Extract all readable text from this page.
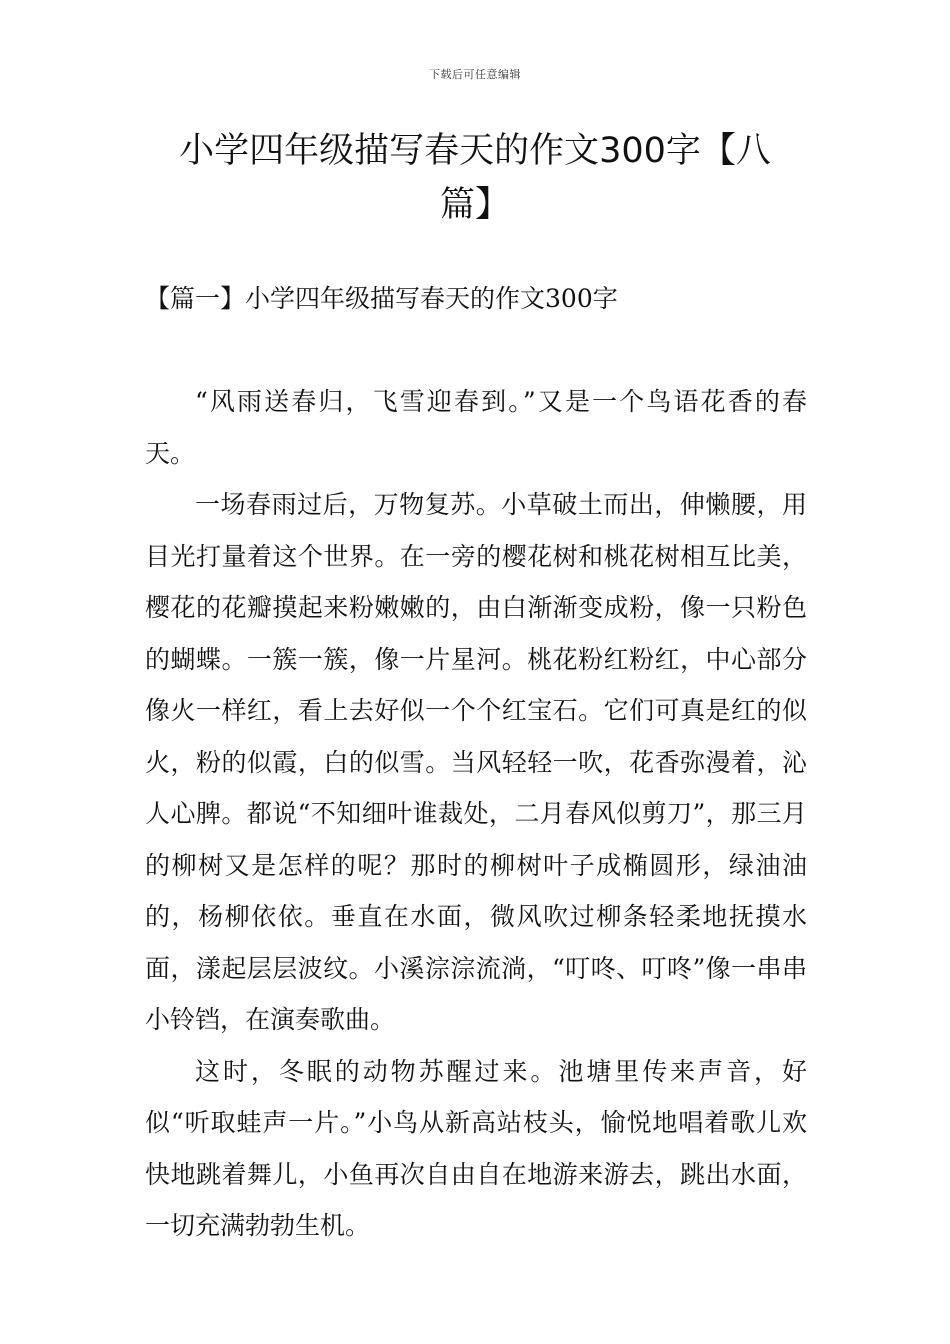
下载后可任意编辑
小学四年级描写春天的作文300字【八篇】
【篇一】小学四年级描写春天的作文300字

“风雨送春归，飞雪迎春到。”又是一个鸟语花香的春天。

一场春雨过后，万物复苏。小草破土而出，伸懒腰，用目光打量着这个世界。在一旁的樱花树和桃花树相互比美，樱花的花瓣摸起来粉嫩嫩的，由白渐渐变成粉，像一只粉色的蝴蝶。一簇一簇，像一片星河。桃花粉红粉红，中心部分像火一样红，看上去好似一个个红宝石。它们可真是红的似火，粉的似霞，白的似雪。当风轻轻一吹，花香弥漫着，沁人心脾。都说“不知细叶谁裁处，二月春风似剪刀”，那三月的柳树又是怎样的呢？那时的柳树叶子成椭圆形，绿油油的，杨柳依依。垂直在水面，微风吹过柳条轻柔地抚摸水面，漾起层层波纹。小溪淙淙流淌，“叮咚、叮咚”像一串串小铃铛，在演奏歌曲。

这时，冬眠的动物苏醒过来。池塘里传来声音，好似“听取蛙声一片。”小鸟从新高站枝头，愉悦地唱着歌儿欢快地跳着舞儿，小鱼再次自由自在地游来游去，跳出水面，一切充满勃勃生机。
